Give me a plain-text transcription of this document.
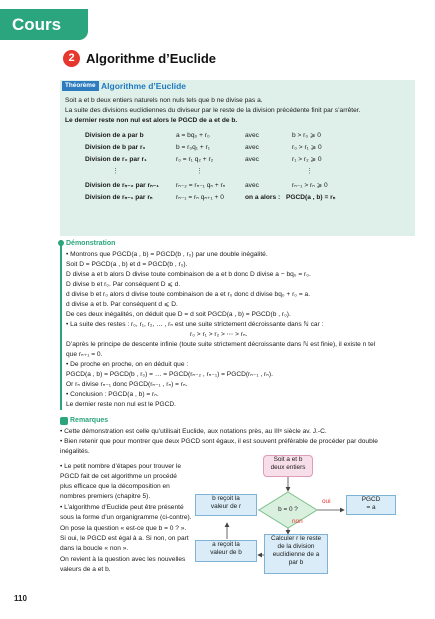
Cours
2 Algorithme d’Euclide
Théorème Algorithme d’Euclide
Soit a et b deux entiers naturels non nuls tels que b ne divise pas a.
La suite des divisions euclidiennes du diviseur par le reste de la division précédente finit par s’arrêter.
Le dernier reste non nul est alors le PGCD de a et de b.
Division de a par b	a = bq₀ + r₀	avec	b > r₀ ⩾ 0
Division de b par r₀	b = r₀q₁ + r₁	avec	r₀ > r₁ ⩾ 0
Division de r₀ par r₁	r₀ = r₁ q₂ + r₂	avec	r₁ > r₂ ⩾ 0
⋮	⋮	⋮
Division de rₙ₋₂ par rₙ₋₁	rₙ₋₂ = rₙ₋₁ qₙ + rₙ	avec	rₙ₋₁ > rₙ ⩾ 0
Division de rₙ₋₁ par rₙ	rₙ₋₁ = rₙ qₙ₊₁ + 0	on a alors : PGCD(a , b) = rₙ
Démonstration
• Montrons que PGCD(a , b) = PGCD(b , r₀) par une double inégalité.
Soit D = PGCD(a , b) et d = PGCD(b , r₀).
D divise a et b alors D divise toute combinaison de a et b donc D divise a − bq₀ = r₀.
D divise b et r₀. Par conséquent D ⩽ d.
d divise b et r₀ alors d divise toute combinaison de a et r₀ donc d divise bq₀ + r₀ = a.
d divise a et b. Par conséquent d ⩽ D.
De ces deux inégalités, on déduit que D = d soit PGCD(a , b) = PGCD(b , r₀).
• La suite des restes : r₀, r₁, r₂, … , rₙ est une suite strictement décroissante dans ℕ car :
r₀ > r₁ > r₂ > ⋯ > rₙ.
D’après le principe de descente infinie (toute suite strictement décroissante dans ℕ est finie), il existe n tel
que rₙ₊₁ = 0.
• De proche en proche, on en déduit que :
PGCD(a , b) = PGCD(b , r₀) = … = PGCD(rₙ₋₂ , rₙ₋₁) = PGCD(rₙ₋₁ , rₙ).
Or rₙ divise rₙ₋₁ donc PGCD(rₙ₋₁ , rₙ) = rₙ.
• Conclusion : PGCD(a , b) = rₙ.
Le dernier reste non nul est le PGCD.
Remarques
• Cette démonstration est celle qu’utilisait Euclide, aux notations près, au IIIᵉ siècle av. J.-C.
• Bien retenir que pour montrer que deux PGCD sont égaux, il est souvent préférable de procéder par double
inégalités.
• Le petit nombre d’étapes pour trouver le
PGCD fait de cet algorithme un procédé
plus efficace que la décomposition en
nombres premiers (chapitre 5).
• L’algorithme d’Euclide peut être présenté
sous la forme d’un organigramme (ci-contre).
On pose la question « est-ce que b = 0 ? ».
Si oui, le PGCD est égal à a. Si non, on part
dans la boucle « non ».
On revient à la question avec les nouvelles
valeurs de a et b.
Soit a et b
deux entiers
b reçoit la
valeur de r	b = 0 ?
oui
non
PGCD
= a
Calculer r le reste
de la division
euclidienne de a
par b
a reçoit la
valeur de b
110
